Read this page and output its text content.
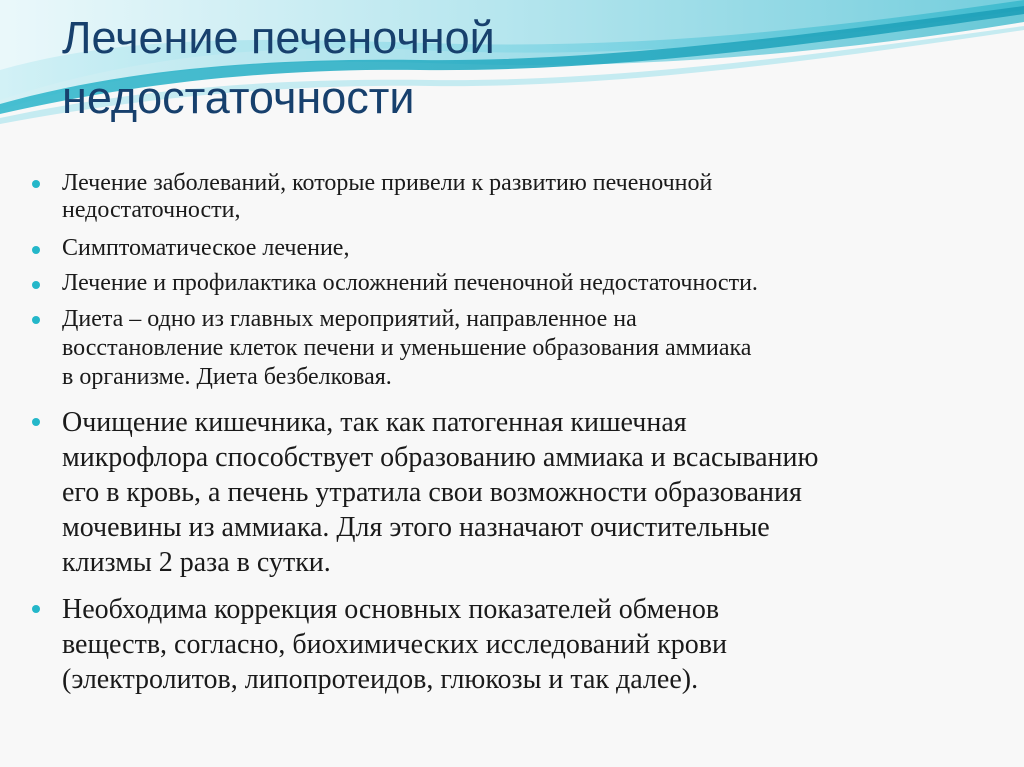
Лечение печеночной
недостаточности
Лечение заболеваний, которые привели к развитию печеночной
недостаточности,
Симптоматическое лечение,
Лечение и профилактика осложнений печеночной недостаточности.
Диета – одно из главных мероприятий, направленное на
восстановление клеток печени и уменьшение образования аммиака
в организме. Диета безбелковая.
Очищение кишечника, так как патогенная кишечная
микрофлора способствует образованию аммиака и всасыванию
его в кровь, а печень утратила свои возможности образования
мочевины из аммиака. Для этого назначают очистительные
клизмы 2 раза в сутки.
Необходима коррекция основных показателей обменов
веществ, согласно, биохимических исследований крови
(электролитов, липопротеидов, глюкозы и так далее).
